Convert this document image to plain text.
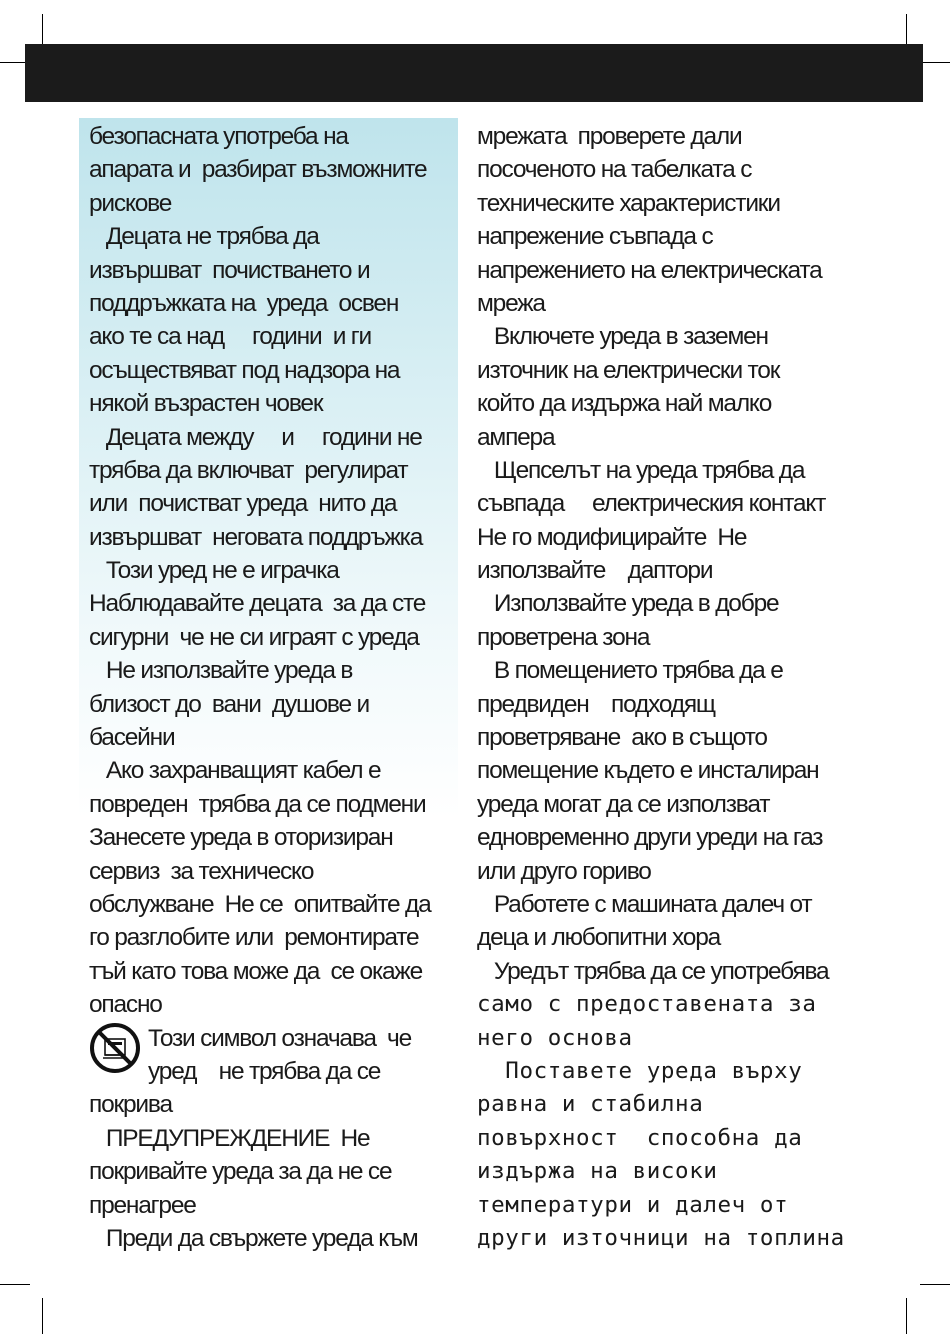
безопасната употреба на
апарата и  разбират възможните
рискове
Децата не трябва да
извършват  почистването и
поддръжката на  уреда  освен
ако те са над     години  и ги
осъществяват под надзора на
някой възрастен човек
Децата между     и     години не
трябва да включват  регулират
или  почистват уреда  нито да
извършват  неговата поддръжка
Този уред не е играчка
Наблюдавайте децата  за да сте
сигурни  че не си играят с уреда
Не използвайте уреда в
близост до  вани  душове и
басейни
Ако захранващият кабел е
повреден  трябва да се подмени
Занесете уреда в оторизиран
сервиз  за техническо
обслужване  Не се  опитвайте да
го разглобите или  ремонтирате
тъй като това може да  се окаже
опасно
Този символ означава  че
уред    не трябва да се
покрива
ПРЕДУПРЕЖДЕНИЕ  Не
покривайте уреда за да не се
пренагрее
Преди да свържете уреда към
мрежата  проверете дали
посоченото на табелката с
техническите характеристики
напрежение съвпада с
напрежението на електрическата
мрежа
Включете уреда в заземен
източник на електрически ток
който да издържа най малко
ампера
Щепселът на уреда трябва да
съвпада     електрическия контакт
Не го модифицирайте  Не
използвайте    даптори
Използвайте уреда в добре
проветрена зона
В помещението трябва да е
предвиден    подходящ
проветряване  ако в същото
помещение където е инсталиран
уреда могат да се използват
едновременно други уреди на газ
или друго гориво
Работете с машината далеч от
деца и любопитни хора
Уредът трябва да се употребява
само с предоставената за
него основа
Поставете уреда върху
равна и стабилна
повърхност  способна да
издържа на високи
температури и далеч от
други източници на топлина
